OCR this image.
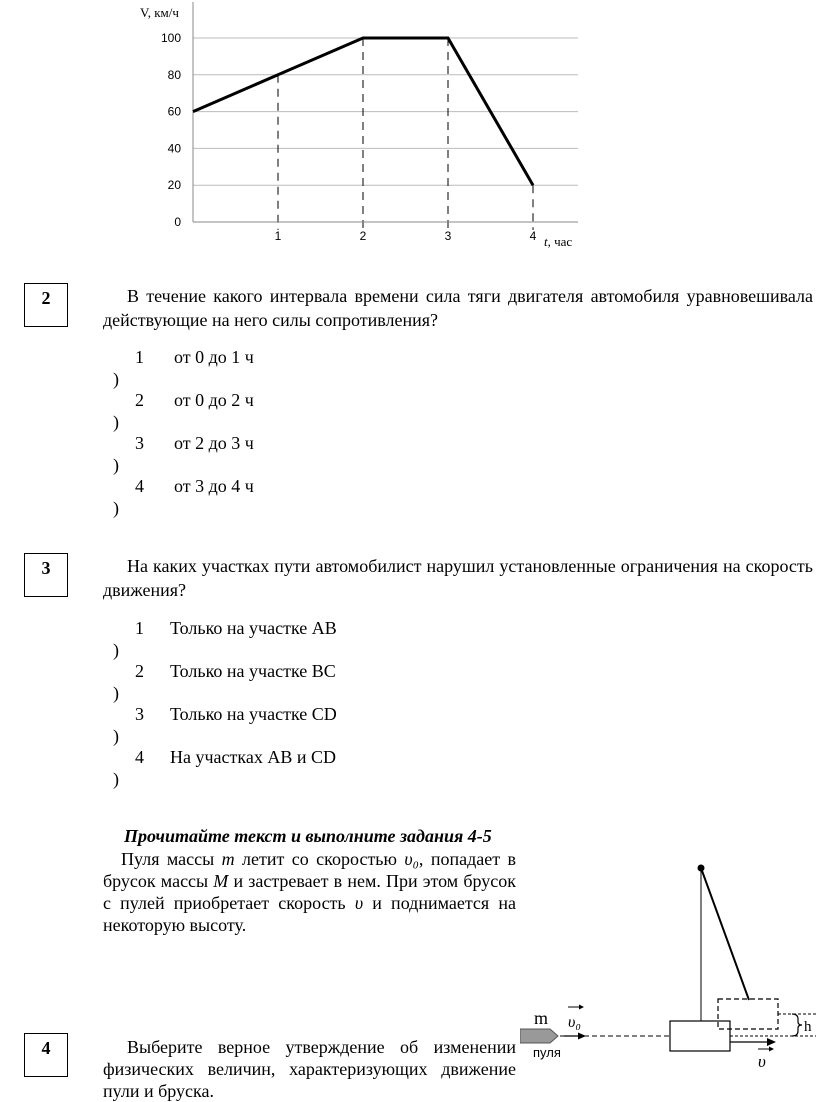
0
20
40
60
80
100
1	2	3	4
V, км/ч
t, час
2	В течение какого интервала времени сила тяги двигателя автомобиля уравновешивала действующие на него силы сопротивления?
1 от 0 до 1 ч
)
2 от 0 до 2 ч
)
3 от 2 до 3 ч
)
4 от 3 до 4 ч
)
3	На каких участках пути автомобилист нарушил установленные ограничения на скорость движения?
1 Только на участке AB
)
2 Только на участке BC
)
3 Только на участке CD
)
4 На участках AB и CD
)
Прочитайте текст и выполните задания 4-5
Пуля массы m летит со скоростью υ₀, попадает в брусок массы M и застревает в нем. При этом брусок с пулей приобретает скорость υ и поднимается на некоторую высоту.
m υ₀
пуля	υ
h
4	Выберите верное утверждение об изменении физических величин, характеризующих движение пули и бруска.
